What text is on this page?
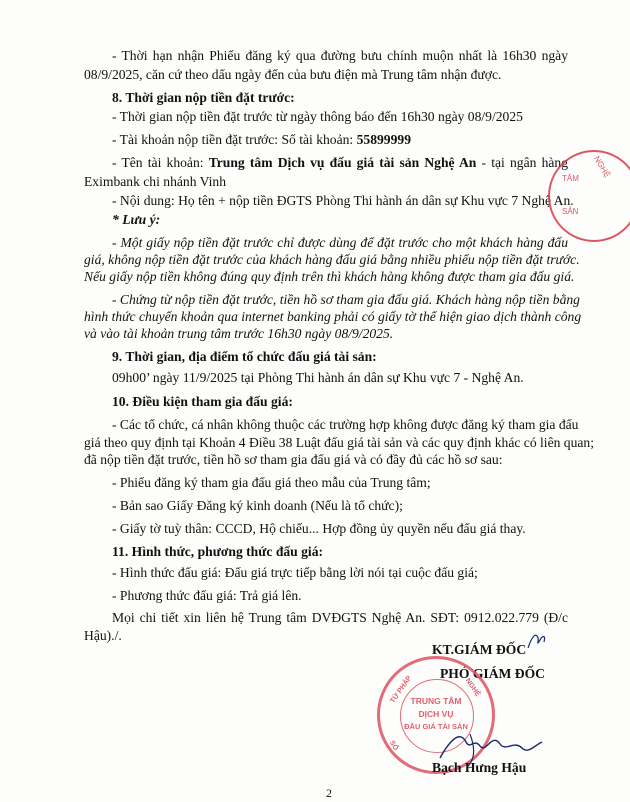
- Thời hạn nhận Phiếu đăng ký qua đường bưu chính muộn nhất là 16h30 ngày
08/9/2025, căn cứ theo dấu ngày đến của bưu điện mà Trung tâm nhận được.
8. Thời gian nộp tiền đặt trước:
- Thời gian nộp tiền đặt trước từ ngày thông báo đến 16h30 ngày 08/9/2025
- Tài khoản nộp tiền đặt trước: Số tài khoản: 55899999
- Tên tài khoản: Trung tâm Dịch vụ đấu giá tài sản Nghệ An - tại ngân hàng
Eximbank chi nhánh Vinh
- Nội dung: Họ tên + nộp tiền ĐGTS Phòng Thi hành án dân sự Khu vực 7 Nghệ An.
* Lưu ý:
- Một giấy nộp tiền đặt trước chỉ được dùng để đặt trước cho một khách hàng đấu
giá, không nộp tiền đặt trước của khách hàng đấu giá bằng nhiều phiếu nộp tiền đặt trước.
Nếu giấy nộp tiền không đúng quy định trên thì khách hàng không được tham gia đấu giá.
- Chứng từ nộp tiền đặt trước, tiền hồ sơ tham gia đấu giá. Khách hàng nộp tiền bằng
hình thức chuyển khoản qua internet banking phải có giấy tờ thể hiện giao dịch thành công
và vào tài khoản trung tâm trước 16h30 ngày 08/9/2025.
9. Thời gian, địa điểm tổ chức đấu giá tài sản:
09h00’ ngày 11/9/2025 tại Phòng Thi hành án dân sự Khu vực 7 - Nghệ An.
10. Điều kiện tham gia đấu giá:
- Các tổ chức, cá nhân không thuộc các trường hợp không được đăng ký tham gia đấu
giá theo quy định tại Khoản 4 Điều 38 Luật đấu giá tài sản và các quy định khác có liên quan;
đã nộp tiền đặt trước, tiền hồ sơ tham gia đấu giá và có đầy đủ các hồ sơ sau:
- Phiếu đăng ký tham gia đấu giá theo mẫu của Trung tâm;
- Bản sao Giấy Đăng ký kinh doanh (Nếu là tổ chức);
- Giấy tờ tuỳ thân: CCCD, Hộ chiếu... Hợp đồng ủy quyền nếu đấu giá thay.
11. Hình thức, phương thức đấu giá:
- Hình thức đấu giá: Đấu giá trực tiếp bằng lời nói tại cuộc đấu giá;
- Phương thức đấu giá: Trả giá lên.
Mọi chi tiết xin liên hệ Trung tâm DVĐGTS Nghệ An. SĐT: 0912.022.779 (Đ/c
Hậu)./.
TÂM NGHỆ
SẢN
KT.GIÁM ĐỐC
PHÓ GIÁM ĐỐC
TRUNG TÂM
DỊCH VỤ
ĐẤU GIÁ TÀI SẢN
TỪ PHÁP	NGHỆ
SỐ
Bạch Hưng Hậu
2
